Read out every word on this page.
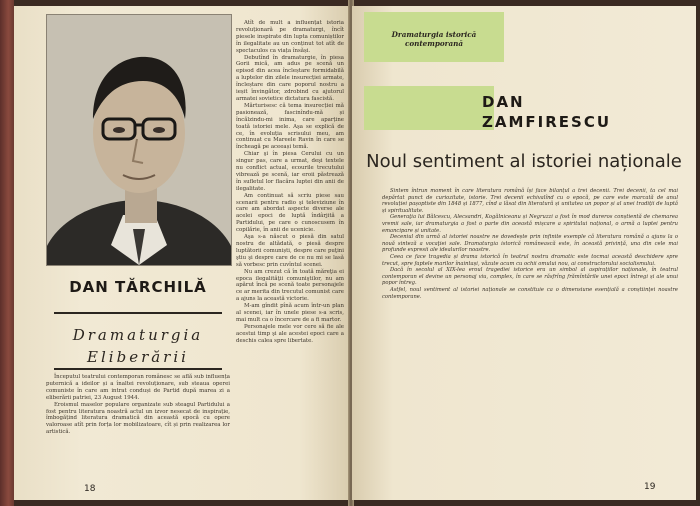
DAN TĂRCHILĂ
Dramaturgia Eliberării

Atît de mult a influențat istoria revoluționară pe dramaturgi, încît piesele inspirate din lupta comuniștilor în ilegalitate au un conținut tot atît de spectaculos ca viața însăși.

Debutînd în dramaturgie, în piesa Gorii mică, am adus pe scenă un episod din acea încleștare formidabilă a luptelor din zilele insurecției armate, încleștare din care poporul nostru a ieșit învingător, zdrobind cu ajutorul armatei sovietice dictatura fascistă.

Mărturisesc că tema insurecției mă pasionează, fascinîndu-mă și încălzindu-mi inima, care aparține toată istoriei mele. Aşa se explică de ce, în evoluția scrisului meu, am continuat cu Mareele Ravin în care se încheagă pe aceeași temă.

Chiar şi în piesa Cerului cu un singur pas, care a urmat, deşi textele nu conflict actual, ecourile trecutului vibrează pe scenă, iar eroii păstrează în sufletul lor flacăra luptei din anii de ilegalitate.

Am continuat să scriu piese sau scenarii pentru radio şi televiziune în care am abordat aspecte diverse ale acelei epoci de luptă îndârjită a Partidului, pe care o cunoscusem în copilărie, în anii de ucenicie.

Aşa s-a născut o piesă din satul nostru de altădată, o piesă despre luptătorii comuniști, despre care puţini ştiu şi despre care de ce nu mi se lasă să vorbesc prin cuvîntul scenei.

Nu am crezut că în toată măreţia ei epoca ilegalităţii comuniştilor, nu am apărut încă pe scenă toate personajele ce ar merita din trecutul comunist care a ajuns la această victorie.

M-am gîndit pînă acum într-un plan al scenei, iar în unele piese s-a scris, mai mult ca o încercare de a fi martor.

Personajele mele vor cere să fie ale acestui timp şi ale acestei epoci care a deschis calea spre libertate.

Începutul teatrului contemporan românesc se află sub influența puternică a ideilor și a înaltei revoluționare, sub steaua operei comuniste în care am intrat conduși de Partid după marea zi a eliberării patriei, 23 August 1944.

Eroismul maselor populare organizate sub steagul Partidului a fost pentru literatura noastră actul un izvor nesecat de inspirație, îmbogățind literatura dramatică din această epocă cu opere valoroase atît prin forța lor mobilizatoare, cît și prin realizarea lor artistică.

18
Dramaturgia istorică contemporană
DAN
ZAMFIRESCU
Noul sentiment al istoriei naționale

Sintem întrun moment în care literatura română își face bilanțul a trei decenii. Trei decenii, ta cel mai depărtat punct de curiozitate, istorie. Trei decenii echivalînd cu o epocă, pe care este marcată de anul revoluției pașoptiste din 1848 și 1877, cînd a lăsat din literatură și unitatea un popor și al unei tradiții de luptă și spiritualitate.

Generaţia lui Bălcescu, Alecsandri, Kogălniceanu și Negruzzi a fost în mod dureros conștientă de chemarea vremii sale, iar dramaturgia a fost o parte din această mișcare a spiritului național, o armă a luptei pentru emancipare și unitate.

Deceniul din urmă al istoriei noastre ne dovedește prin infinite exemple că literatura română a ajuns la o nouă sinteză a vocaţiei sale. Dramaturgia istorică românească este, în această privință, una din cele mai profunde expresii ale idealurilor noastre.

Ceea ce face tragedia și drama istorică în teatrul nostru dramatic este tocmai această deschidere spre trecut, spre faptele marilor înaintași, văzute acum cu ochii omului nou, ai constructorului socialismului.

Dacă în secolul al XIX-lea eroul tragediei istorice era un simbol al aspirațiilor naționale, în teatrul contemporan el devine un personaj viu, complex, în care se răsfrîng frămîntările unei epoci întregi și ale unui popor întreg.

Astfel, noul sentiment al istoriei naționale se constituie ca o dimensiune esențială a conștiinței noastre contemporane.

19
